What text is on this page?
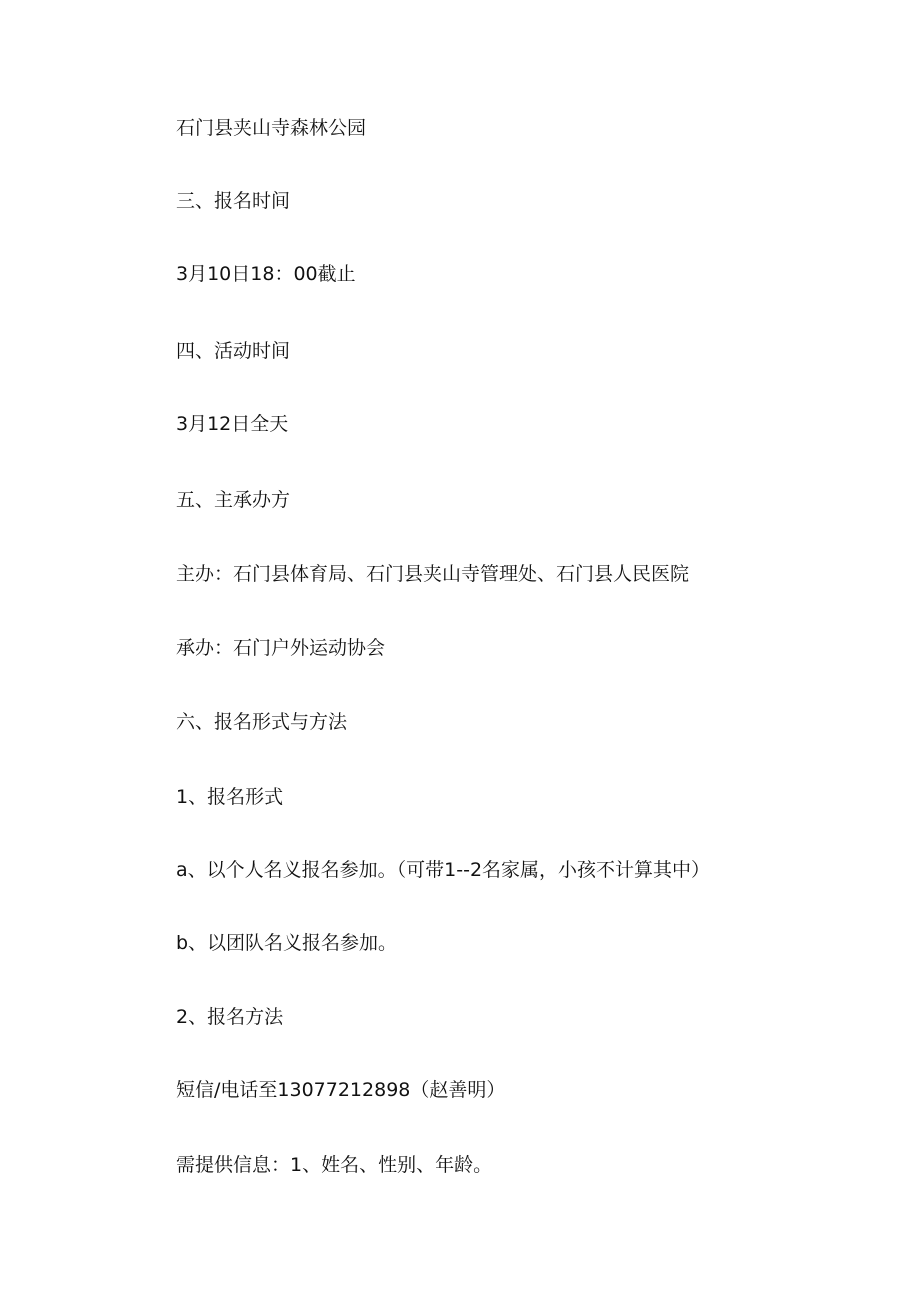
石门县夹山寺森林公园

三、报名时间

3月10日18：00截止

四、活动时间

3月12日全天

五、主承办方

主办：石门县体育局、石门县夹山寺管理处、石门县人民医院

承办：石门户外运动协会

六、报名形式与方法

1、报名形式

a、以个人名义报名参加。（可带1--2名家属，小孩不计算其中）

b、以团队名义报名参加。

2、报名方法

短信/电话至13077212898（赵善明）

需提供信息：1、姓名、性别、年龄。
